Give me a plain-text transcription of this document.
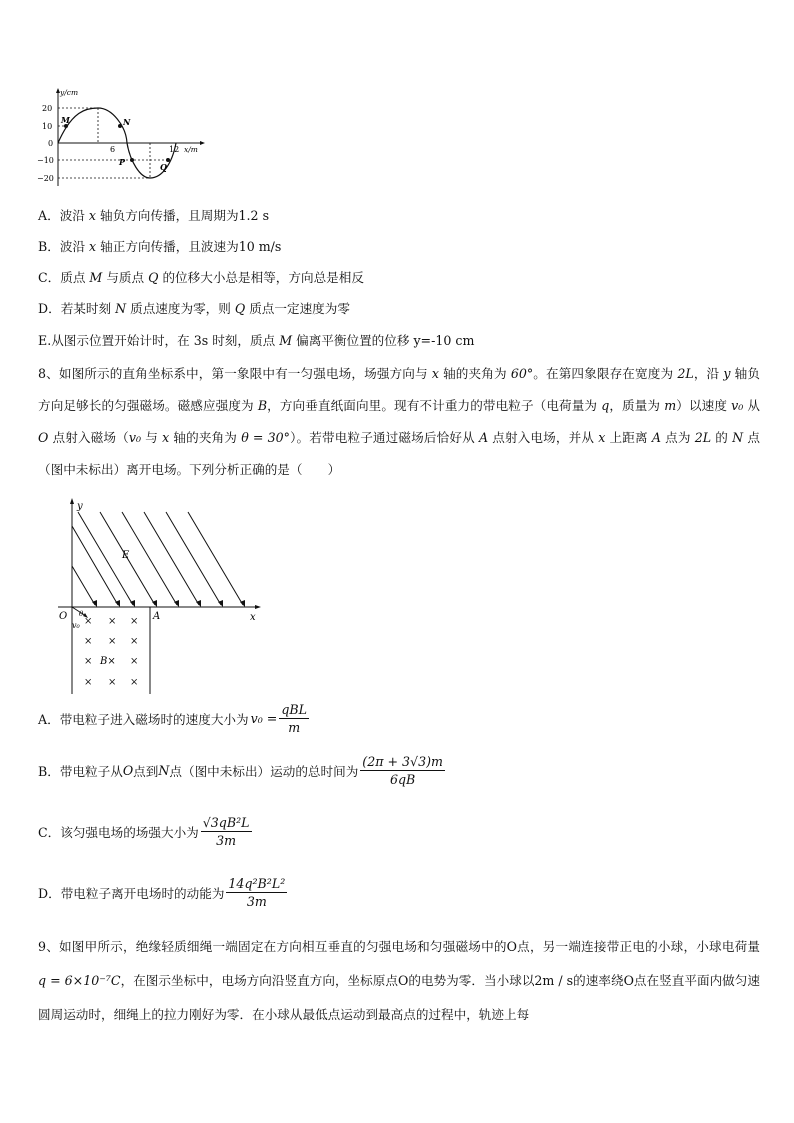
y/cm
x/m
20
10
0
−10
−20
6	12
M	N
P	Q
A．波沿 x 轴负方向传播，且周期为1.2 s
B．波沿 x 轴正方向传播，且波速为10 m/s
C．质点 M 与质点 Q 的位移大小总是相等，方向总是相反
D．若某时刻 N 质点速度为零，则 Q 质点一定速度为零
E.从图示位置开始计时，在 3s 时刻，质点 M 偏离平衡位置的位移 y=-10 cm
8、如图所示的直角坐标系中，第一象限中有一匀强电场，场强方向与 x 轴的夹角为 60°。在第四象限存在宽度为 2L，沿 y 轴负方向足够长的匀强磁场。磁感应强度为 B，方向垂直纸面向里。现有不计重力的带电粒子（电荷量为 q，质量为 m）以速度 v₀ 从 O 点射入磁场（v₀ 与 x 轴的夹角为 θ = 30°）。若带电粒子通过磁场后恰好从 A 点射入电场，并从 x 上距离 A 点为 2L 的 N 点（图中未标出）离开电场。下列分析正确的是（　　）
× × ×
× × ×
×	×
× × ×
y
x
O	A
E
B×
θ
v₀
A．带电粒子进入磁场时的速度大小为 $v_0 = \frac{\text{qBL}}{m}$
B．带电粒子从 O 点到 N 点（图中未标出）运动的总时间为 $\frac{(2\pi + 3√3)m}{6qB}$
C．该匀强电场的场强大小为 $\frac{\text{√3qB²L}}{3m}$
D．带电粒子离开电场时的动能为 $\frac{\text{14q²B²L²}}{3m}$
9、如图甲所示，绝缘轻质细绳一端固定在方向相互垂直的匀强电场和匀强磁场中的O点，另一端连接带正电的小球，小球电荷量 q = 6×10⁻⁷C，在图示坐标中，电场方向沿竖直方向，坐标原点O的电势为零．当小球以2m / s的速率绕O点在竖直平面内做匀速圆周运动时，细绳上的拉力刚好为零．在小球从最低点运动到最高点的过程中，轨迹上每
